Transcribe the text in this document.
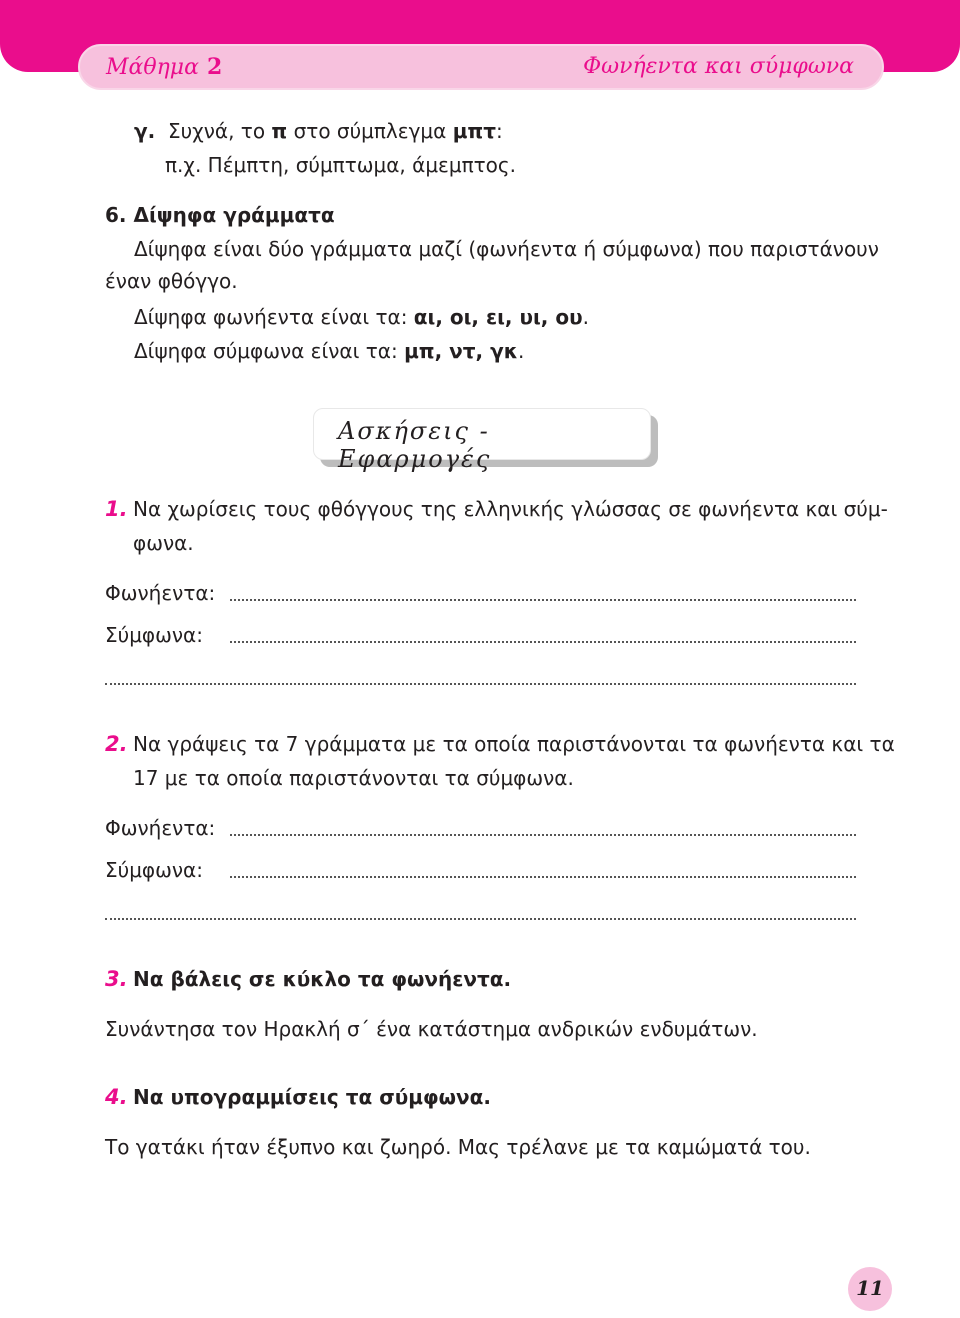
Μάθημα 2	Φωνήεντα και σύμφωνα
γ. Συχνά, το π στο σύμπλεγμα μπτ:
π.χ. Πέμπτη, σύμπτωμα, άμεμπτος.
6. Δίψηφα γράμματα
Δίψηφα είναι δύο γράμματα μαζί (φωνήεντα ή σύμφωνα) που παριστάνουν
έναν φθόγγο.
Δίψηφα φωνήεντα είναι τα: αι, οι, ει, υι, ου.
Δίψηφα σύμφωνα είναι τα: μπ, ντ, γκ.
Ασκήσεις - Εφαρμογές
1. Να χωρίσεις τους φθόγγους της ελληνικής γλώσσας σε φωνήεντα και σύμ-
φωνα.
Φωνήεντα:
Σύμφωνα:
2. Να γράψεις τα 7 γράμματα με τα οποία παριστάνονται τα φωνήεντα και τα
17 με τα οποία παριστάνονται τα σύμφωνα.
Φωνήεντα:
Σύμφωνα:
3. Να βάλεις σε κύκλο τα φωνήεντα.
Συνάντησα τον Ηρακλή σ΄ ένα κατάστημα ανδρικών ενδυμάτων.
4. Να υπογραμμίσεις τα σύμφωνα.
Το γατάκι ήταν έξυπνο και ζωηρό. Μας τρέλανε με τα καμώματά του.
11
